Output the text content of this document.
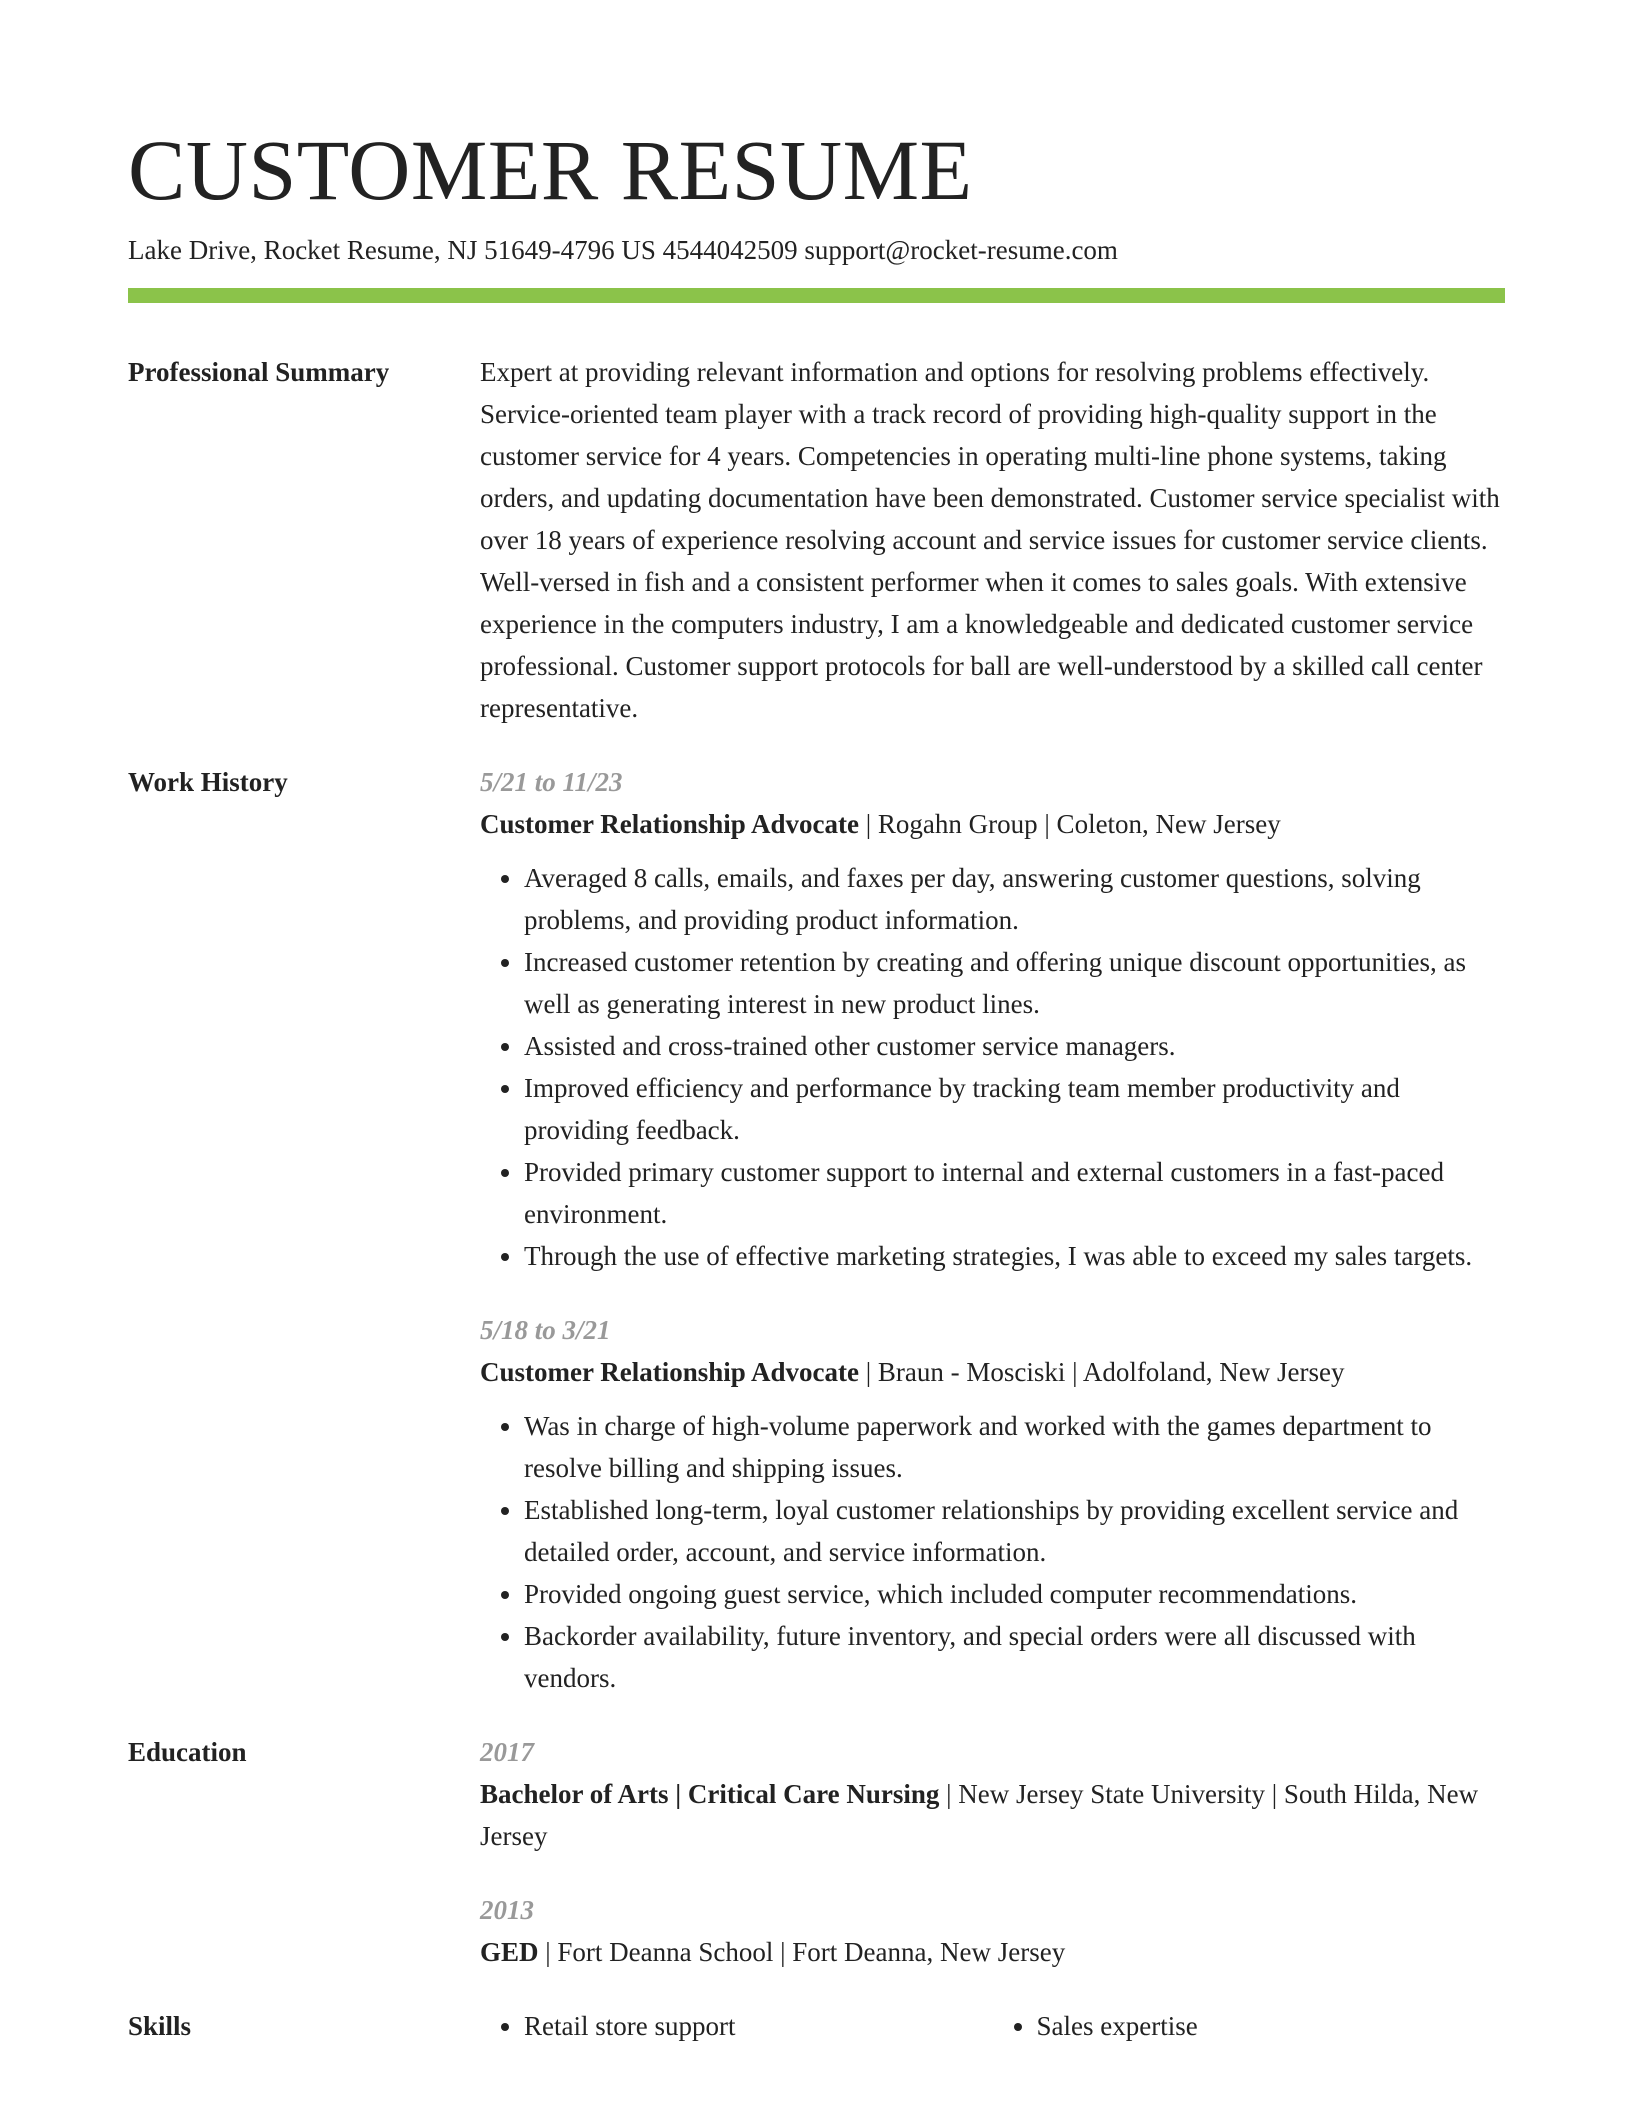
CUSTOMER RESUME
Lake Drive, Rocket Resume, NJ 51649-4796 US 4544042509 support@rocket-resume.com
Professional Summary	Expert at providing relevant information and options for resolving problems effectively. Service-oriented team player with a track record of providing high-quality support in the customer service for 4 years. Competencies in operating multi-line phone systems, taking orders, and updating documentation have been demonstrated. Customer service specialist with over 18 years of experience resolving account and service issues for customer service clients. Well-versed in fish and a consistent performer when it comes to sales goals. With extensive experience in the computers industry, I am a knowledgeable and dedicated customer service professional. Customer support protocols for ball are well-understood by a skilled call center representative.

Work History	5/21 to 11/23
Customer Relationship Advocate | Rogahn Group | Coleton, New Jersey
• Averaged 8 calls, emails, and faxes per day, answering customer questions, solving problems, and providing product information.
• Increased customer retention by creating and offering unique discount opportunities, as well as generating interest in new product lines.
• Assisted and cross-trained other customer service managers.
• Improved efficiency and performance by tracking team member productivity and providing feedback.
• Provided primary customer support to internal and external customers in a fast-paced environment.
• Through the use of effective marketing strategies, I was able to exceed my sales targets.
5/18 to 3/21
Customer Relationship Advocate | Braun - Mosciski | Adolfoland, New Jersey
• Was in charge of high-volume paperwork and worked with the games department to resolve billing and shipping issues.
• Established long-term, loyal customer relationships by providing excellent service and detailed order, account, and service information.
• Provided ongoing guest service, which included computer recommendations.
• Backorder availability, future inventory, and special orders were all discussed with vendors.
Education	2017
Bachelor of Arts | Critical Care Nursing | New Jersey State University | South Hilda, New Jersey
2013
GED | Fort Deanna School | Fort Deanna, New Jersey
Skills	• Retail store support	• Sales expertise
